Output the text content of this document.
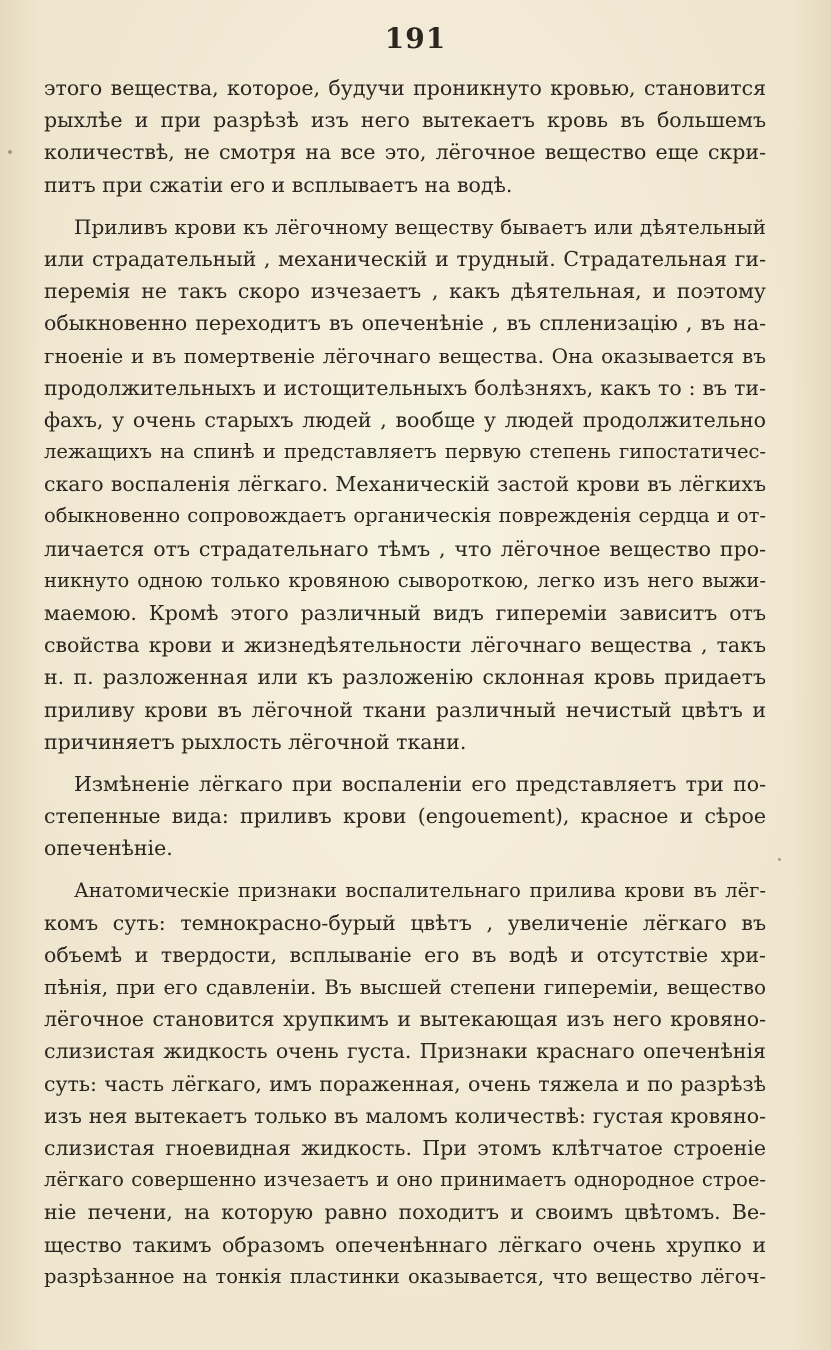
191
этого вещества, которое, будучи проникнуто кровью, становится
рыхлѣе и при разрѣзѣ изъ него вытекаетъ кровь въ большемъ
количествѣ, не смотря на все это, лёгочное вещество еще скри-
питъ при сжатіи его и всплываетъ на водѣ.
Приливъ крови къ лёгочному веществу бываетъ или дѣятельный
или страдательный , механическій и трудный. Страдательная ги-
перемія не такъ скоро изчезаетъ , какъ дѣятельная, и поэтому
обыкновенно переходитъ въ опеченѣніе , въ спленизацію , въ на-
гноеніе и въ помертвеніе лёгочнаго вещества. Она оказывается въ
продолжительныхъ и истощительныхъ болѣзняхъ, какъ то : въ ти-
фахъ, у очень старыхъ людей , вообще у людей продолжительно
лежащихъ на спинѣ и представляетъ первую степень гипостатичес-
скаго воспаленія лёгкаго. Механическій застой крови въ лёгкихъ
обыкновенно сопровождаетъ органическія поврежденія сердца и от-
личается отъ страдательнаго тѣмъ , что лёгочное вещество про-
никнуто одною только кровяною сывороткою, легко изъ него выжи-
маемою. Кромѣ этого различный видъ гипереміи зависитъ отъ
свойства крови и жизнедѣятельности лёгочнаго вещества , такъ
н. п. разложенная или къ разложенію склонная кровь придаетъ
приливу крови въ лёгочной ткани различный нечистый цвѣтъ и
причиняетъ рыхлость лёгочной ткани.
Измѣненіе лёгкаго при воспаленіи его представляетъ три по-
степенные вида: приливъ крови (engouement), красное и сѣрое
опеченѣніе.
Анатомическіе признаки воспалительнаго прилива крови въ лёг-
комъ суть: темнокрасно-бурый цвѣтъ , увеличеніе лёгкаго въ
объемѣ и твердости, всплываніе его въ водѣ и отсутствіе хри-
пѣнія, при его сдавленіи. Въ высшей степени гипереміи, вещество
лёгочное становится хрупкимъ и вытекающая изъ него кровяно-
слизистая жидкость очень густа. Признаки краснаго опеченѣнія
суть: часть лёгкаго, имъ пораженная, очень тяжела и по разрѣзѣ
изъ нея вытекаетъ только въ маломъ количествѣ: густая кровяно-
слизистая гноевидная жидкость. При этомъ клѣтчатое строеніе
лёгкаго совершенно изчезаетъ и оно принимаетъ однородное строе-
ніе печени, на которую равно походитъ и своимъ цвѣтомъ. Ве-
щество такимъ образомъ опеченѣннаго лёгкаго очень хрупко и
разрѣзанное на тонкія пластинки оказывается, что вещество лёгоч-
